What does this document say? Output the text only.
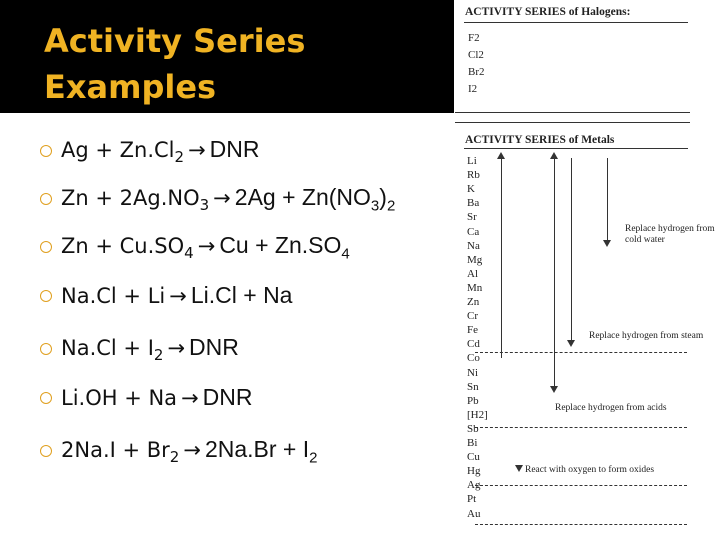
Activity Series
Examples
$Ag + Zn.Cl_2$ → DNR
$Zn + 2Ag.NO_3 \to 2Ag + Zn(NO_3)_2$
$Zn + Cu.SO_4 \to Cu + Zn.SO_4$
Na.Cl + Li → Li.Cl + Na
$Na.Cl + I_2$ → DNR
Li.OH + Na → DNR
$2Na.I + Br_2 \to 2Na.Br + I_2$
ACTIVITY SERIES of Halogens:
F2
Cl2
Br2
I2
ACTIVITY SERIES of Metals
Li
Rb
K
Ba
Sr
Ca
Na
Mg
Al
Mn
Zn
Cr
Fe
Cd
Co
Ni
Sn
Pb
[H2]
Sb
Bi
Cu
Hg
Ag
Pt
Au
Replace hydrogen from cold water
Replace hydrogen from steam
Replace hydrogen from acids
React with oxygen to form oxides
